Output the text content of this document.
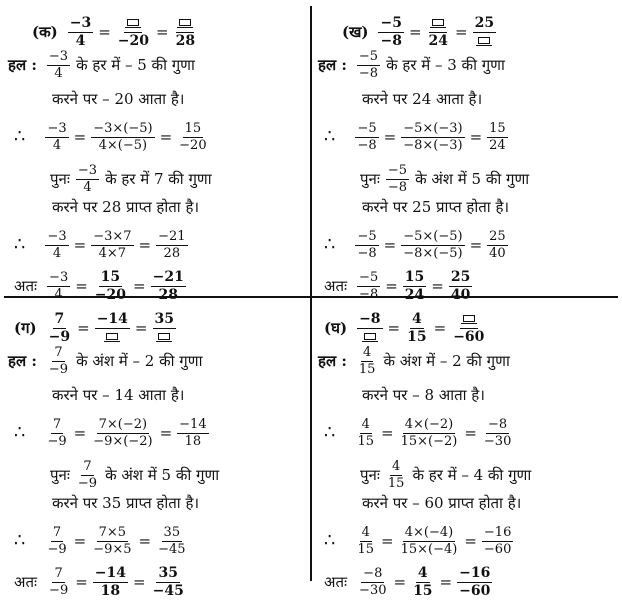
(क) $\frac{-3}{4} = -20 = 28$
हल : $\frac{-3}{4}$ के हर में – 5 की गुणा
करने पर – 20 आता है।
∴ $\frac{-3}{4} = \frac{-3\times(-5)}{4\times(-5)} = \frac{15}{-20}$
पुनः $\frac{-3}{4}$ के हर में 7 की गुणा
करने पर 28 प्राप्त होता है।
∴ $\frac{-3}{4} = \frac{-3\times 7}{4\times 7} = \frac{-21}{28}$
अतः $\frac{-3}{4} = \frac{15}{-20} = \frac{-21}{28}$
(ख) $\frac{-5}{-8} = 24 = 25$
हल : $\frac{-5}{-8}$ के हर में – 3 की गुणा
करने पर 24 आता है।
∴ $\frac{-5}{-8} = \frac{-5\times(-3)}{-8\times(-3)} = \frac{15}{24}$
पुनः $\frac{-5}{-8}$ के अंश में 5 की गुणा
करने पर 25 प्राप्त होता है।
∴ $\frac{-5}{-8} = \frac{-5\times(-5)}{-8\times(-5)} = \frac{25}{40}$
अतः $\frac{-5}{-8} = \frac{15}{24} = \frac{25}{40}$
(ग) $\frac{7}{-9} = -14 = 35$
हल : $\frac{7}{-9}$ के अंश में – 2 की गुणा
करने पर – 14 आता है।
∴ $\frac{7}{-9} = \frac{7\times(-2)}{-9\times(-2)} = \frac{-14}{18}$
पुनः $\frac{7}{-9}$ के अंश में 5 की गुणा
करने पर 35 प्राप्त होता है।
∴ $\frac{7}{-9} = \frac{7\times 5}{-9\times 5} = \frac{35}{-45}$
अतः $\frac{7}{-9} = \frac{-14}{18} = \frac{35}{-45}$
(घ) $-8 = \frac{4}{15} = -60$
हल : $\frac{4}{15}$ के अंश में – 2 की गुणा
करने पर – 8 आता है।
∴ $\frac{4}{15} = \frac{4\times(-2)}{15\times(-2)} = \frac{-8}{-30}$
पुनः $\frac{4}{15}$ के हर में – 4 की गुणा
करने पर – 60 प्राप्त होता है।
∴ $\frac{4}{15} = \frac{4\times(-4)}{15\times(-4)} = \frac{-16}{-60}$
अतः $\frac{-8}{-30} = \frac{4}{15} = \frac{-16}{-60}$
